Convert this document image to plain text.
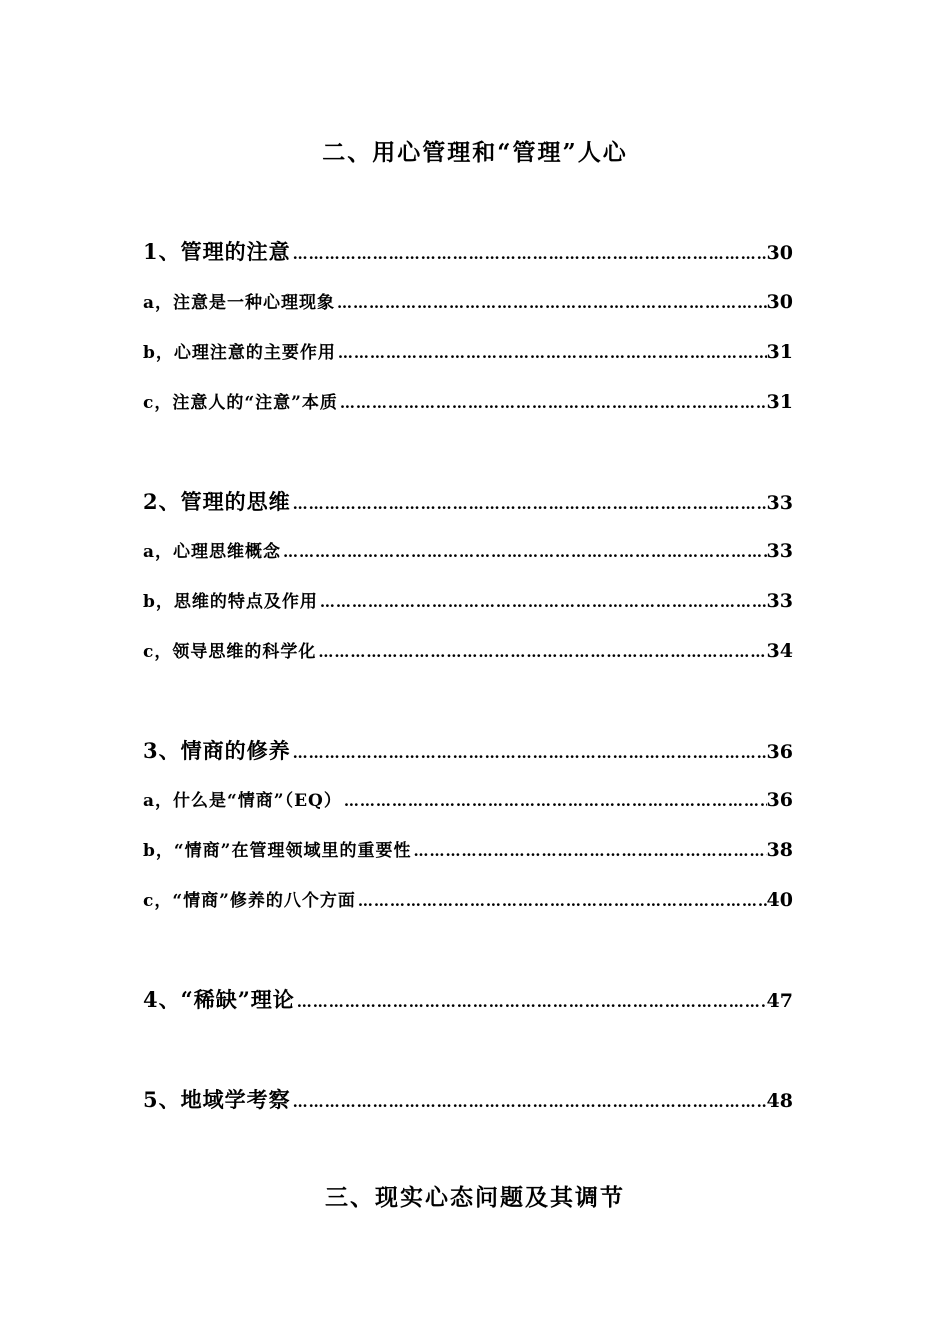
二、用心管理和“管理”人心
1、管理的注意 …………………………………………………………………………………………………………………………………………………………………	30
a，注意是一种心理现象 …………………………………………………………………………………………………………………………………………………………………	30
b，心理注意的主要作用 …………………………………………………………………………………………………………………………………………………………………	31
c，注意人的“注意”本质 …………………………………………………………………………………………………………………………………………………………………	31
2、管理的思维 …………………………………………………………………………………………………………………………………………………………………	33
a，心理思维概念 …………………………………………………………………………………………………………………………………………………………………	33
b，思维的特点及作用 …………………………………………………………………………………………………………………………………………………………………	33
c，领导思维的科学化 …………………………………………………………………………………………………………………………………………………………………	34
3、情商的修养 …………………………………………………………………………………………………………………………………………………………………	36
a，什么是“情商”（EQ） …………………………………………………………………………………………………………………………………………………………………	36
b，“情商”在管理领域里的重要性 …………………………………………………………………………………………………………………………………………………………………	38
c，“情商”修养的八个方面 …………………………………………………………………………………………………………………………………………………………………	40
4、“稀缺”理论 …………………………………………………………………………………………………………………………………………………………………	47
5、地域学考察 …………………………………………………………………………………………………………………………………………………………………	48
三、现实心态问题及其调节
